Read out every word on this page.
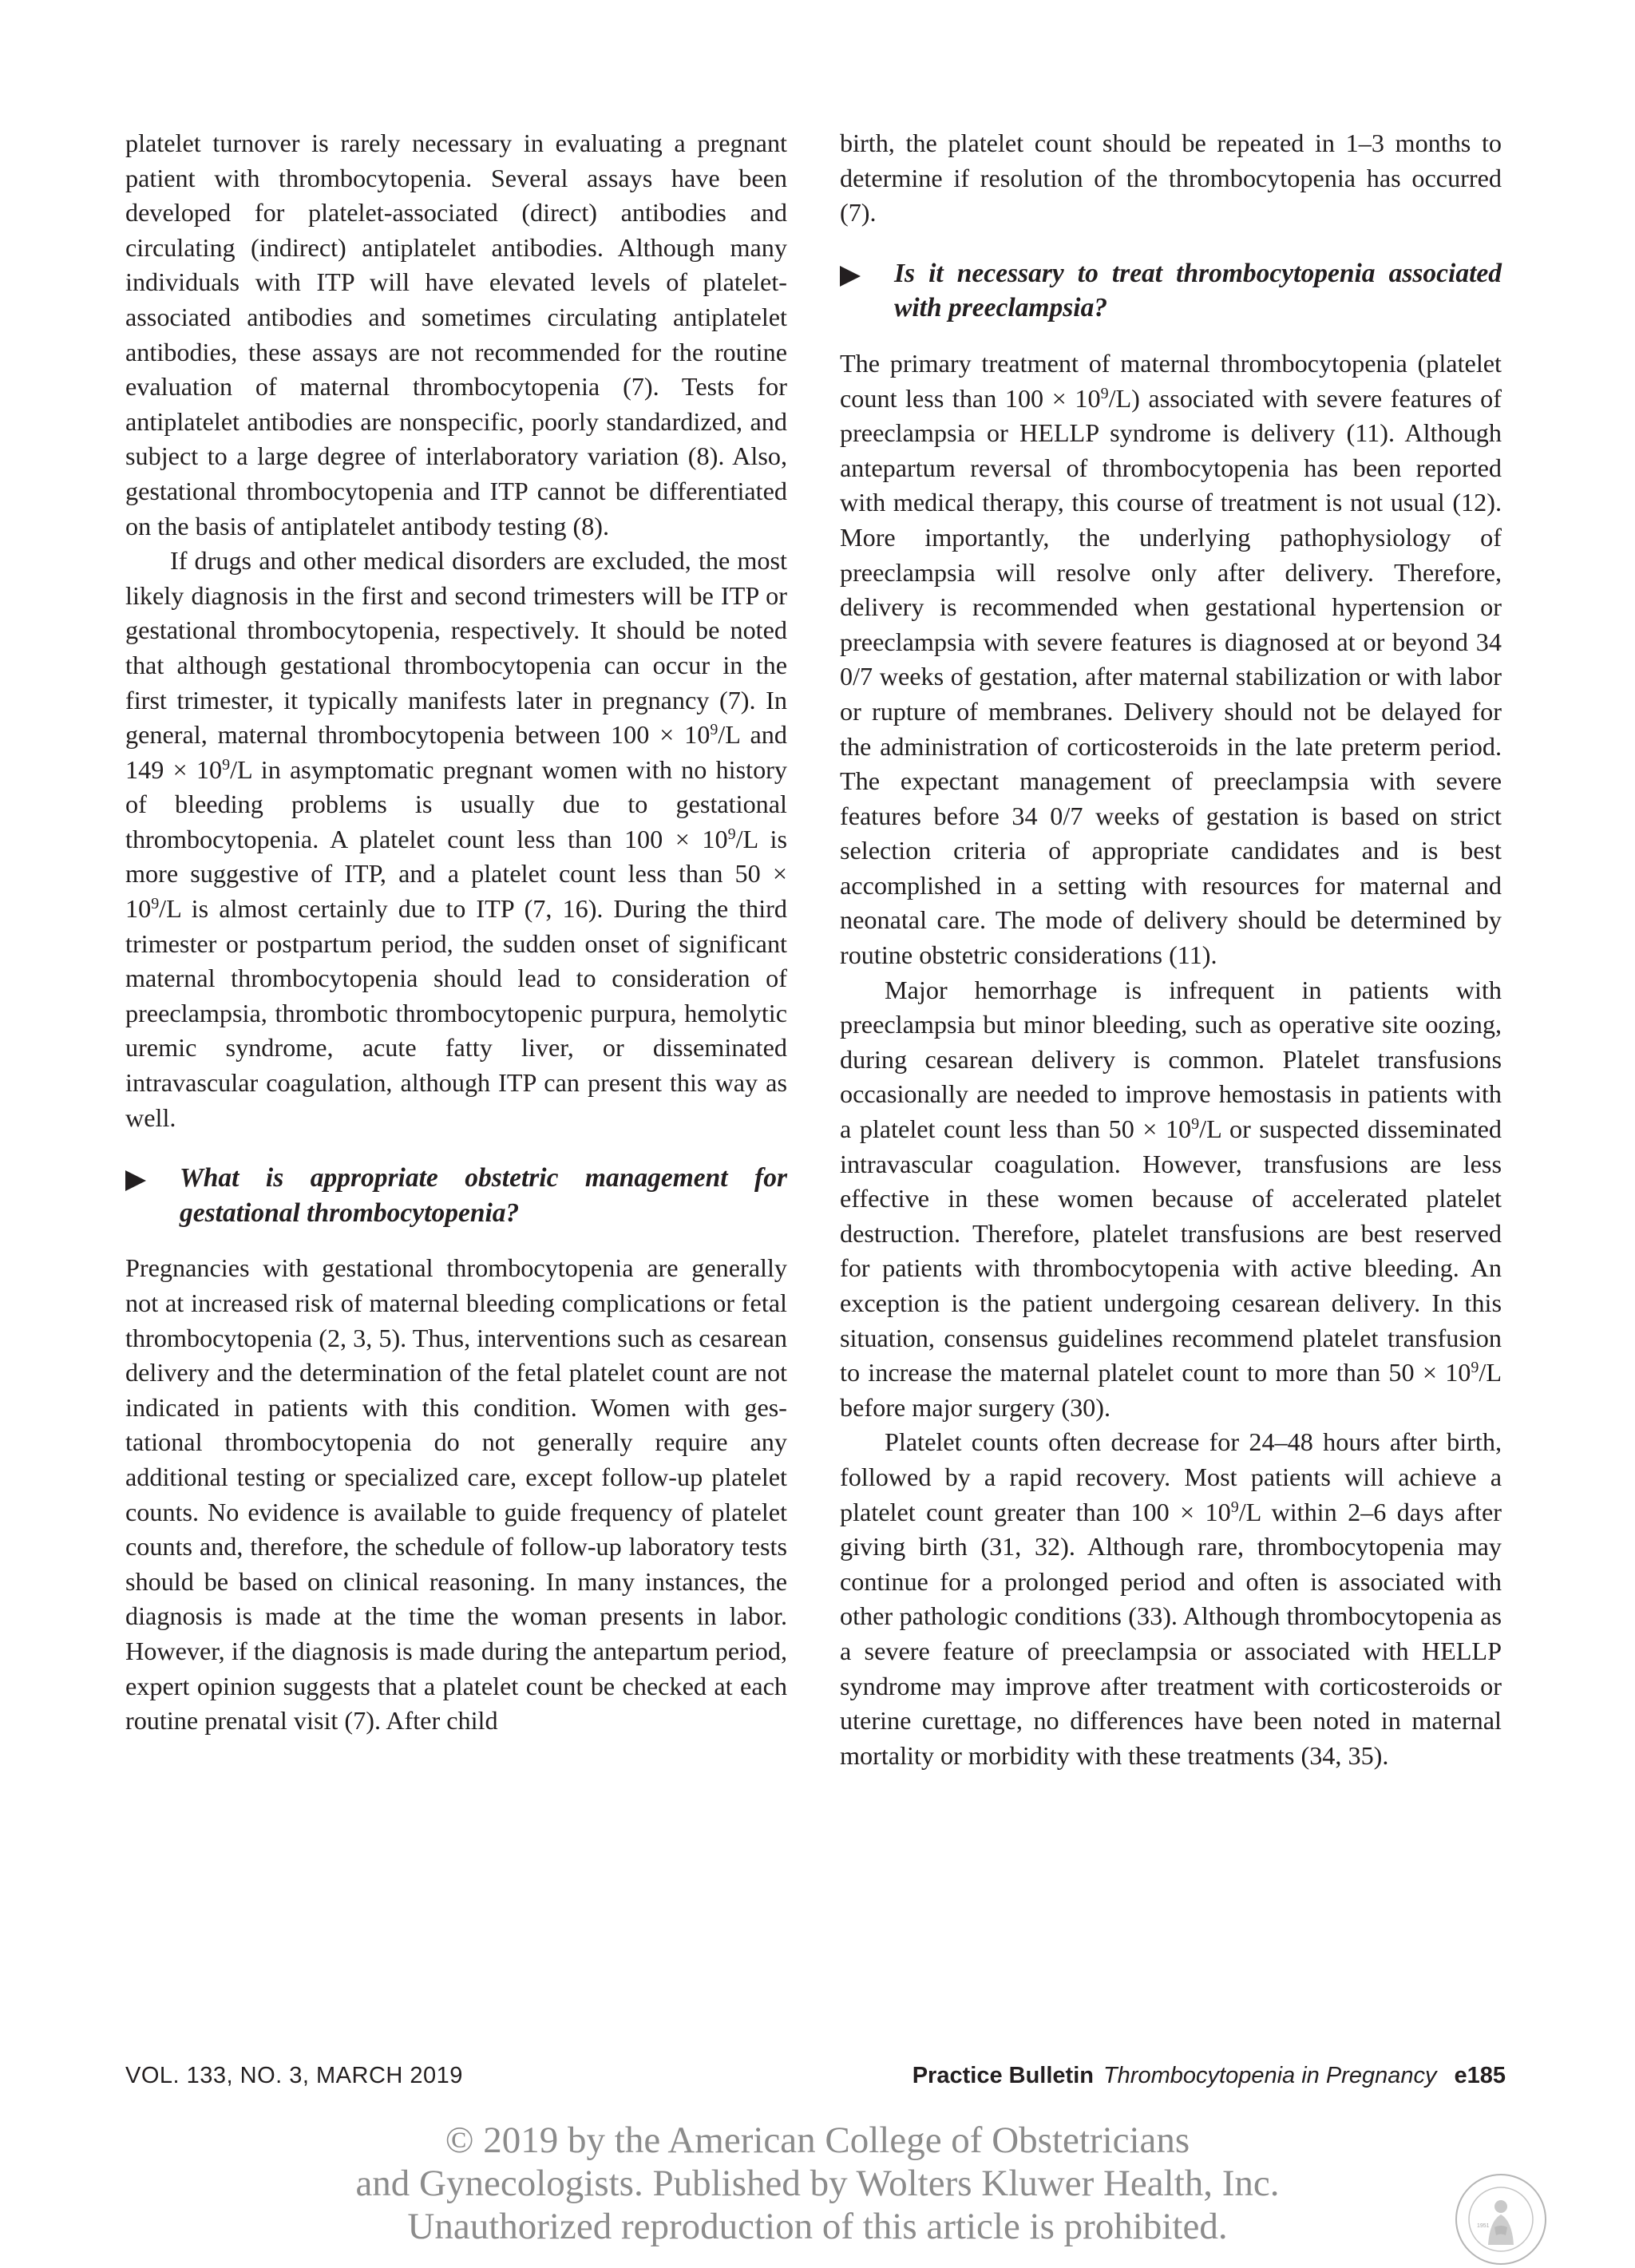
platelet turnover is rarely necessary in evaluating a pregnant patient with thrombocytopenia. Several assays have been developed for platelet-associated (direct) antibodies and circulating (indirect) antiplatelet antibodies. Although many individuals with ITP will have elevated levels of platelet-associated antibodies and sometimes circulating antiplatelet antibodies, these assays are not recommended for the routine evaluation of maternal thrombocytopenia (7). Tests for antiplatelet antibodies are nonspecific, poorly standardized, and subject to a large degree of interlaboratory variation (8). Also, gestational thrombocytopenia and ITP cannot be differentiated on the basis of antiplatelet antibody testing (8).

If drugs and other medical disorders are excluded, the most likely diagnosis in the first and second trimesters will be ITP or gestational thrombocytopenia, respectively. It should be noted that although gestational thrombocytopenia can occur in the first trimester, it typically manifests later in pregnancy (7). In general, maternal thrombocytopenia between $100 \times 10^9/L$ and $149 \times 10^9/L$ in asymptomatic pregnant women with no history of bleeding problems is usually due to gestational thrombocytopenia. A platelet count less than $100 \times 10^9/L$ is more suggestive of ITP, and a platelet count less than $50 \times 10^9/L$ is almost certainly due to ITP (7, 16). During the third trimester or postpartum period, the sudden onset of significant maternal thrombocytopenia should lead to consideration of preeclampsia, thrombotic thrombocytopenic purpura, hemolytic uremic syndrome, acute fatty liver, or disseminated intravascular coagulation, although ITP can present this way as well.

What is appropriate obstetric management for gestational thrombocytopenia?

Pregnancies with gestational thrombocytopenia are generally not at increased risk of maternal bleeding complications or fetal thrombocytopenia (2, 3, 5). Thus, interventions such as cesarean delivery and the determination of the fetal platelet count are not indicated in patients with this condition. Women with gestational thrombocytopenia do not generally require any additional testing or specialized care, except follow-up platelet counts. No evidence is available to guide frequency of platelet counts and, therefore, the schedule of follow-up laboratory tests should be based on clinical reasoning. In many instances, the diagnosis is made at the time the woman presents in labor. However, if the diagnosis is made during the antepartum period, expert opinion suggests that a platelet count be checked at each routine prenatal visit (7). After child

birth, the platelet count should be repeated in 1–3 months to determine if resolution of the thrombocytopenia has occurred (7).

Is it necessary to treat thrombocytopenia associated with preeclampsia?

The primary treatment of maternal thrombocytopenia (platelet count less than $100 \times 10^9/L$) associated with severe features of preeclampsia or HELLP syndrome is delivery (11). Although antepartum reversal of thrombocytopenia has been reported with medical therapy, this course of treatment is not usual (12). More importantly, the underlying pathophysiology of preeclampsia will resolve only after delivery. Therefore, delivery is recommended when gestational hypertension or preeclampsia with severe features is diagnosed at or beyond 34 0/7 weeks of gestation, after maternal stabilization or with labor or rupture of membranes. Delivery should not be delayed for the administration of corticosteroids in the late preterm period. The expectant management of preeclampsia with severe features before 34 0/7 weeks of gestation is based on strict selection criteria of appropriate candidates and is best accomplished in a setting with resources for maternal and neonatal care. The mode of delivery should be determined by routine obstetric considerations (11).

Major hemorrhage is infrequent in patients with preeclampsia but minor bleeding, such as operative site oozing, during cesarean delivery is common. Platelet transfusions occasionally are needed to improve hemostasis in patients with a platelet count less than $50 \times 10^9/L$ or suspected disseminated intravascular coagulation. However, transfusions are less effective in these women because of accelerated platelet destruction. Therefore, platelet transfusions are best reserved for patients with thrombocytopenia with active bleeding. An exception is the patient undergoing cesarean delivery. In this situation, consensus guidelines recommend platelet transfusion to increase the maternal platelet count to more than $50 \times 10^9/L$ before major surgery (30).

Platelet counts often decrease for 24–48 hours after birth, followed by a rapid recovery. Most patients will achieve a platelet count greater than $100 \times 10^9/L$ within 2–6 days after giving birth (31, 32). Although rare, thrombocytopenia may continue for a prolonged period and often is associated with other pathologic conditions (33). Although thrombocytopenia as a severe feature of preeclampsia or associated with HELLP syndrome may improve after treatment with corticosteroids or uterine curettage, no differences have been noted in maternal mortality or morbidity with these treatments (34, 35).

VOL. 133, NO. 3, MARCH 2019	Practice Bulletin Thrombocytopenia in Pregnancy e185
© 2019 by the American College of Obstetricians
and Gynecologists. Published by Wolters Kluwer Health, Inc.
Unauthorized reproduction of this article is prohibited.	1951
